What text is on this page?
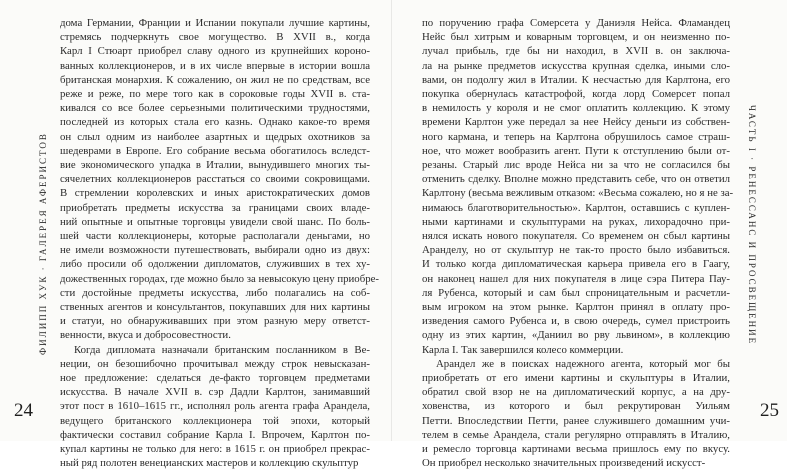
дома Германии, Франции и Испании покупали лучшие картины,
стремясь подчеркнуть свое могущество. В XVII в., когда
Карл I Стюарт приобрел славу одного из крупнейших короно-
ванных коллекционеров, и в их числе впервые в истории вошла
британская монархия. К сожалению, он жил не по средствам, все
реже и реже, по мере того как в сороковые годы XVII в. ста-
кивался со все более серьезными политическими трудностями,
последней из которых стала его казнь. Однако какое-то время
он слыл одним из наиболее азартных и щедрых охотников за
шедеврами в Европе. Его собрание весьма обогатилось вследст-
вие экономического упадка в Италии, вынудившего многих ты-
сячелетних коллекционеров расстаться со своими сокровищами.
В стремлении королевских и иных аристократических домов
приобретать предметы искусства за границами своих владе-
ний опытные и опытные торговцы увидели свой шанс. По боль-
шей части коллекционеры, которые располагали деньгами, но
не имели возможности путешествовать, выбирали одно из двух:
либо просили об одолжении дипломатов, служивших в тех ху-
дожественных городах, где можно было за невысокую цену приобре-
сти достойные предметы искусства, либо полагались на соб-
ственных агентов и консультантов, покупавших для них картины
и статуи, но обнаруживавших при этом разную меру ответст-
венности, вкуса и добросовестности.
Когда дипломата назначали британским посланником в Ве-
неции, он безошибочно прочитывал между строк невысказан-
ное предложение: сделаться де-факто торговцем предметами
искусства. В начале XVII в. сэр Дадли Карлтон, занимавший
этот пост в 1610–1615 гг., исполнял роль агента графа Арандела,
ведущего британского коллекционера той эпохи, который
фактически составил собрание Карла I. Впрочем, Карлтон по-
купал картины не только для него: в 1615 г. он приобрел прекрас-
ный ряд полотен венецианских мастеров и коллекцию скульптур
по поручению графа Сомерсета у Даниэля Нейса. Фламандец
Нейс был хитрым и коварным торговцем, и он неизменно по-
лучал прибыль, где бы ни находил, в XVII в. он заключа-
ла на рынке предметов искусства крупная сделка, иными сло-
вами, он подолгу жил в Италии. К несчастью для Карлтона, его
покупка обернулась катастрофой, когда лорд Сомерсет попал
в немилость у короля и не смог оплатить коллекцию. К этому
времени Карлтон уже передал за нее Нейсу деньги из собствен-
ного кармана, и теперь на Карлтона обрушилось самое страш-
ное, что может вообразить агент. Пути к отступлению были от-
резаны. Старый лис вроде Нейса ни за что не согласился бы
отменить сделку. Вполне можно представить себе, что он ответил
Карлтону (весьма вежливым отказом: «Весьма сожалею, но я не за-
нимаюсь благотворительностью». Карлтон, оставшись с куплен-
ными картинами и скульптурами на руках, лихорадочно при-
нялся искать нового покупателя. Со временем он сбыл картины
Аранделу, но от скульптур не так-то просто было избавиться.
И только когда дипломатическая карьера привела его в Гаагу,
он наконец нашел для них покупателя в лице сэра Питера Пау-
ля Рубенса, который и сам был спроницательным и расчетли-
вым игроком на этом рынке. Карлтон принял в оплату про-
изведения самого Рубенса и, в свою очередь, сумел пристроить
одну из этих картин, «Даниил во рву львином», в коллекцию
Карла I. Так завершился колесо коммерции.
Арандел же в поисках надежного агента, который мог бы
приобретать от его имени картины и скульптуры в Италии,
обратил свой взор не на дипломатический корпус, а на дру-
ховенства, из которого и был рекрутирован Уильям
Петти. Впоследствии Петти, ранее служившего домашним учи-
телем в семье Арандела, стали регулярно отправлять в Италию,
и ремесло торговца картинами весьма пришлось ему по вкусу.
Он приобрел несколько значительных произведений искусст-
ФИЛИПП ХУК · ГАЛЕРЕЯ АФЕРИСТОВ	ЧАСТЬ I · РЕНЕССАНС И ПРОСВЕЩЕНИЕ
24	25
